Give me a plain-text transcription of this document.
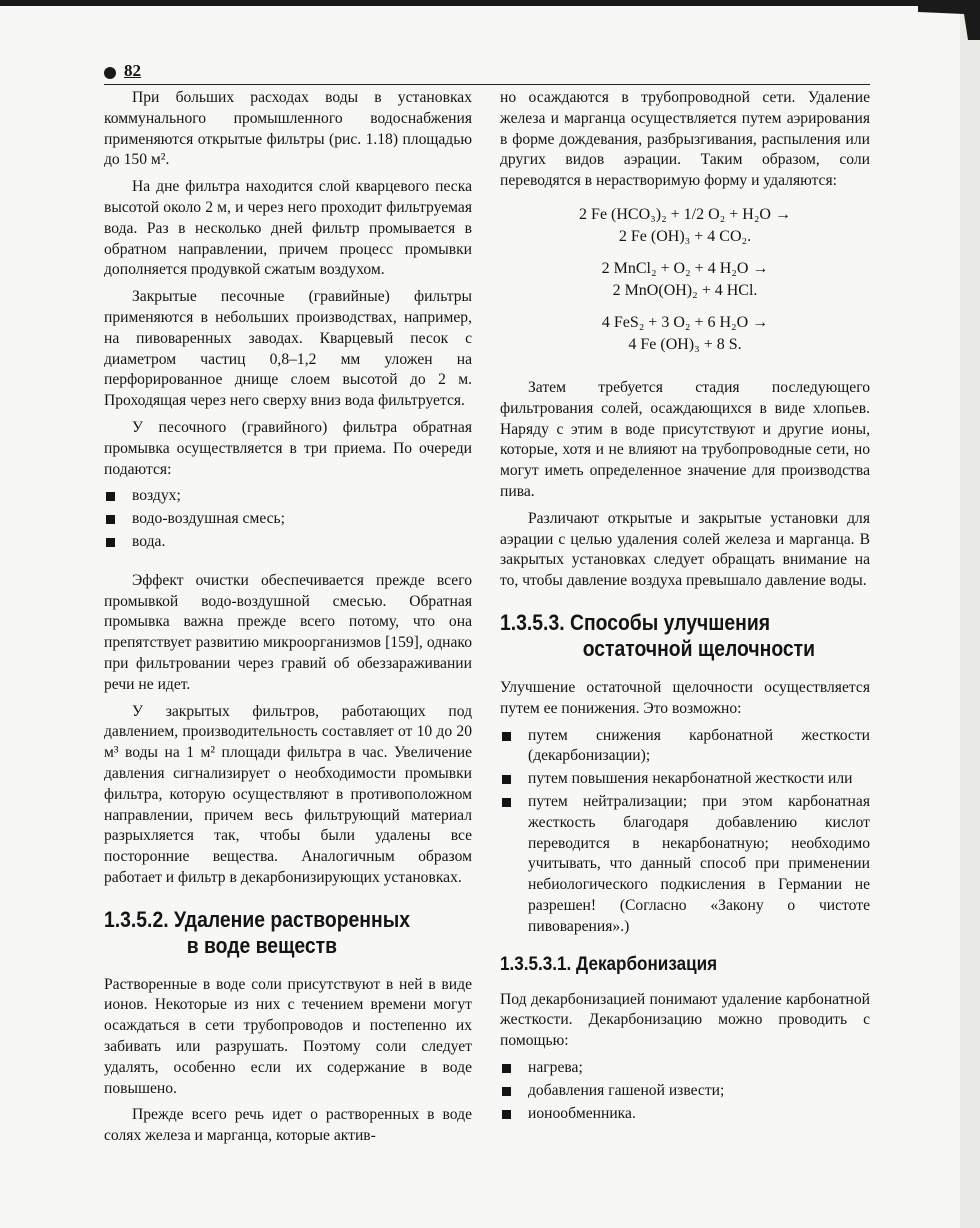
82

При больших расходах воды в установках коммунального промышленного водоснабжения применяются открытые фильтры (рис. 1.18) площадью до 150 м².

На дне фильтра находится слой кварцевого песка высотой около 2 м, и через него проходит фильтруемая вода. Раз в несколько дней фильтр промывается в обратном направлении, причем процесс промывки дополняется продувкой сжатым воздухом.

Закрытые песочные (гравийные) фильтры применяются в небольших производствах, например, на пивоваренных заводах. Кварцевый песок с диаметром частиц 0,8–1,2 мм уложен на перфорированное днище слоем высотой до 2 м. Проходящая через него сверху вниз вода фильтруется.

У песочного (гравийного) фильтра обратная промывка осуществляется в три приема. По очереди подаются:

воздух;
водо-воздушная смесь;
вода.

Эффект очистки обеспечивается прежде всего промывкой водо-воздушной смесью. Обратная промывка важна прежде всего потому, что она препятствует развитию микроорганизмов [159], однако при фильтровании через гравий об обеззараживании речи не идет.

У закрытых фильтров, работающих под давлением, производительность составляет от 10 до 20 м³ воды на 1 м² площади фильтра в час. Увеличение давления сигнализирует о необходимости промывки фильтра, которую осуществляют в противоположном направлении, причем весь фильтрующий материал разрыхляется так, чтобы были удалены все посторонние вещества. Аналогичным образом работает и фильтр в декарбонизирующих установках.

1.3.5.2. Удаление растворенных
в воде веществ

Растворенные в воде соли присутствуют в ней в виде ионов. Некоторые из них с течением времени могут осаждаться в сети трубопроводов и постепенно их забивать или разрушать. Поэтому соли следует удалять, особенно если их содержание в воде повышено.

Прежде всего речь идет о растворенных в воде солях железа и марганца, которые актив-

но осаждаются в трубопроводной сети. Удаление железа и марганца осуществляется путем аэрирования в форме дождевания, разбрызгивания, распыления или других видов аэрации. Таким образом, соли переводятся в нерастворимую форму и удаляются:

2 Fe (HCO₃)₂ + 1/2 O₂ + H₂O →
2 Fe (OH)₃ + 4 CO₂.
2 MnCl₂ + O₂ + 4 H₂O →
2 MnO(OH)₂ + 4 HCl.
4 FeS₂ + 3 O₂ + 6 H₂O →
4 Fe (OH)₃ + 8 S.

Затем требуется стадия последующего фильтрования солей, осаждающихся в виде хлопьев. Наряду с этим в воде присутствуют и другие ионы, которые, хотя и не влияют на трубопроводные сети, но могут иметь определенное значение для производства пива.

Различают открытые и закрытые установки для аэрации с целью удаления солей железа и марганца. В закрытых установках следует обращать внимание на то, чтобы давление воздуха превышало давление воды.

1.3.5.3. Способы улучшения
остаточной щелочности

Улучшение остаточной щелочности осуществляется путем ее понижения. Это возможно:

путем снижения карбонатной жесткости (декарбонизации);
путем повышения некарбонатной жесткости или
путем нейтрализации; при этом карбонатная жесткость благодаря добавлению кислот переводится в некарбонатную; необходимо учитывать, что данный способ при применении небиологического подкисления в Германии не разрешен! (Согласно «Закону о чистоте пивоварения».)
1.3.5.3.1. Декарбонизация

Под декарбонизацией понимают удаление карбонатной жесткости. Декарбонизацию можно проводить с помощью:

нагрева;
добавления гашеной извести;
ионообменника.
